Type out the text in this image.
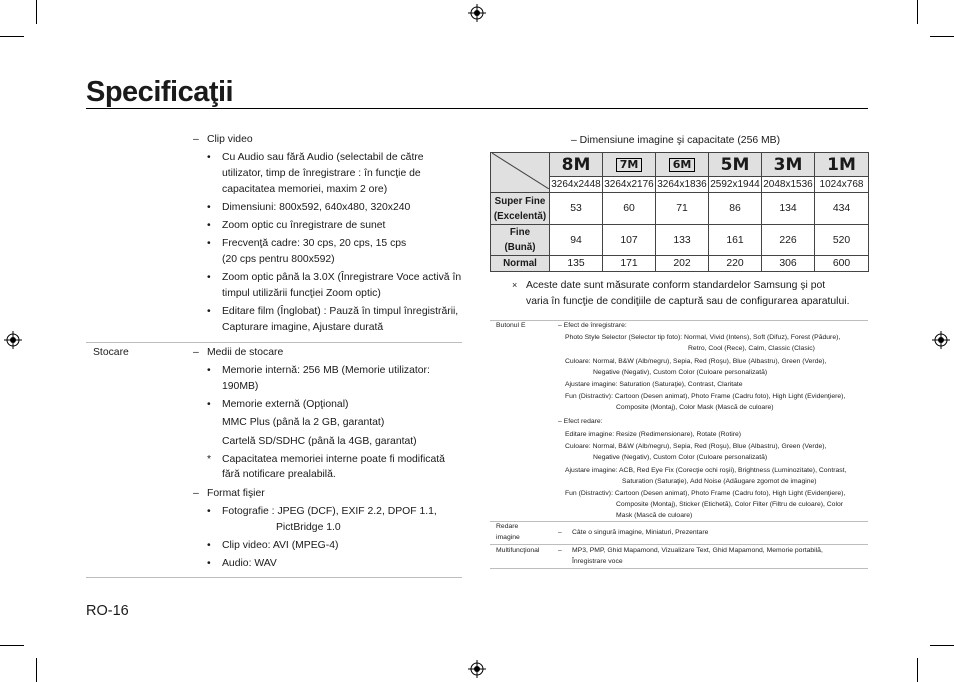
Specificaţii
– Clip video
• Cu Audio sau fără Audio (selectabil de către
utilizator, timp de înregistrare : în funcţie de
capacitatea memoriei, maxim 2 ore)
• Dimensiuni: 800x592, 640x480, 320x240
• Zoom optic cu înregistrare de sunet
• Frecvenţă cadre: 30 cps, 20 cps, 15 cps
(20 cps pentru 800x592)
• Zoom optic până la 3.0X (Înregistrare Voce activă în
timpul utilizării funcţiei Zoom optic)
• Editare film (Înglobat) : Pauză în timpul înregistrării,
Capturare imagine, Ajustare durată
Stocare	– Medii de stocare
• Memorie internă: 256 MB (Memorie utilizator:
190MB)
• Memorie externă (Opţional)
MMC Plus (până la 2 GB, garantat)
Cartelă SD/SDHC (până la 4GB, garantat)
* Capacitatea memoriei interne poate fi modificată
fără notificare prealabilă.
– Format fişier
• Fotografie : JPEG (DCF), EXIF 2.2, DPOF 1.1,
PictBridge 1.0
• Clip video: AVI (MPEG-4)
• Audio: WAV
RO-16
– Dimensiune imagine şi capacitate (256 MB)
	8M	7M	6M	5M	3M	1M
	3264x2448	3264x2176	3264x1836	2592x1944	2048x1536	1024x768

Super Fine
(Excelentă)	53	60	71	86	134	434

Fine
(Bună)	94	107	133	161	226	520

Normal	135	171	202	220	306	600
× Aceste date sunt măsurate conform standardelor Samsung şi pot
varia în funcţie de condiţiile de captură sau de configurarea aparatului.
Butonul E	– Efect de înregistrare:
Photo Style Selector (Selector tip foto): Normal, Vivid (Intens), Soft (Difuz), Forest (Pădure),
Retro, Cool (Rece), Calm, Classic (Clasic)
Culoare: Normal, B&W (Alb/negru), Sepia, Red (Roşu), Blue (Albastru), Green (Verde),
Negative (Negativ), Custom Color (Culoare personalizată)
Ajustare imagine: Saturation (Saturaţie), Contrast, Claritate
Fun (Distractiv): Cartoon (Desen animat), Photo Frame (Cadru foto), High Light (Evidenţiere),
Composite (Montaj), Color Mask (Mască de culoare)
– Efect redare:
Editare imagine: Resize (Redimensionare), Rotate (Rotire)
Culoare: Normal, B&W (Alb/negru), Sepia, Red (Roşu), Blue (Albastru), Green (Verde),
Negative (Negativ), Custom Color (Culoare personalizată)
Ajustare imagine: ACB, Red Eye Fix (Corecţie ochi roşii), Brightness (Luminozitate), Contrast,
Saturation (Saturaţie), Add Noise (Adăugare zgomot de imagine)
Fun (Distractiv): Cartoon (Desen animat), Photo Frame (Cadru foto), High Light (Evidenţiere),
Composite (Montaj), Sticker (Etichetă), Color Filter (Filtru de culoare), Color
Mask (Mască de culoare)
Redare
imagine
– Câte o singură imagine, Miniaturi, Prezentare
Multifuncţional	– MP3, PMP, Ghid Mapamond, Vizualizare Text, Ghid Mapamond, Memorie portabilă,
Înregistrare voce
